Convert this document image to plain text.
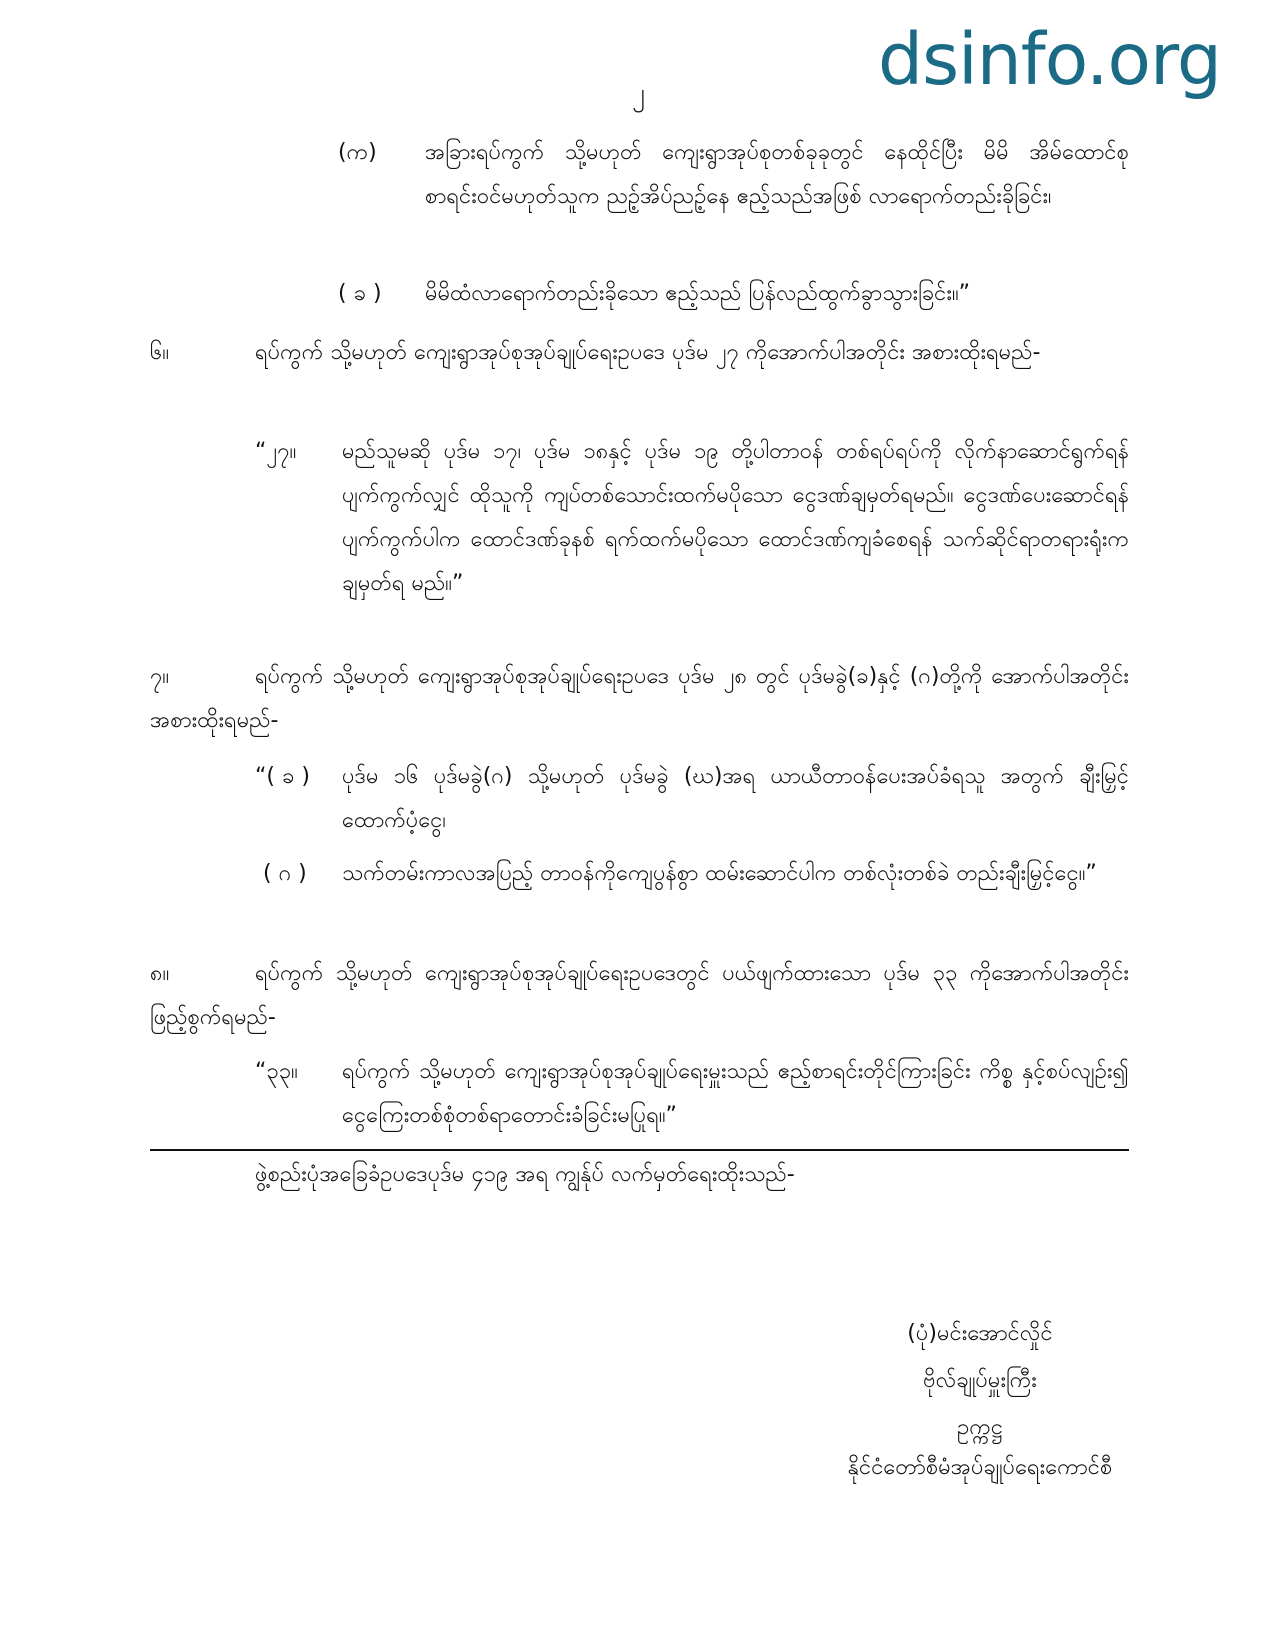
dsinfo.org
၂
(က) အခြားရပ်ကွက် သို့မဟုတ် ကျေးရွာအုပ်စုတစ်ခုခုတွင် နေထိုင်ပြီး မိမိ အိမ်ထောင်စုစာရင်းဝင်မဟုတ်သူက ညဥ့်အိပ်ညဥ့်နေ ဧည့်သည်အဖြစ် လာရောက်တည်းခိုခြင်း၊
( ခ ) မိမိထံလာရောက်တည်းခိုသော ဧည့်သည် ပြန်လည်ထွက်ခွာသွားခြင်း။”
၆။	ရပ်ကွက် သို့မဟုတ် ကျေးရွာအုပ်စုအုပ်ချုပ်ရေးဥပဒေ ပုဒ်မ ၂၇ ကိုအောက်ပါအတိုင်း အစားထိုးရမည်-
“၂၇။ မည်သူမဆို ပုဒ်မ ၁၇၊ ပုဒ်မ ၁၈နှင့် ပုဒ်မ ၁၉ တို့ပါတာဝန် တစ်ရပ်ရပ်ကို လိုက်နာဆောင်ရွက်ရန်ပျက်ကွက်လျှင် ထိုသူကို ကျပ်တစ်သောင်းထက်မပိုသော ငွေဒဏ်ချမှတ်ရမည်။ ငွေဒဏ်ပေးဆောင်ရန် ပျက်ကွက်ပါက ထောင်ဒဏ်ခုနစ် ရက်ထက်မပိုသော ထောင်ဒဏ်ကျခံစေရန် သက်ဆိုင်ရာတရားရုံးက ချမှတ်ရ မည်။”
၇။	ရပ်ကွက် သို့မဟုတ် ကျေးရွာအုပ်စုအုပ်ချုပ်ရေးဥပဒေ ပုဒ်မ ၂၈ တွင် ပုဒ်မခွဲ(ခ)နှင့် (ဂ)တို့ကို အောက်ပါအတိုင်းအစားထိုးရမည်-
“( ခ ) ပုဒ်မ ၁၆ ပုဒ်မခွဲ(ဂ) သို့မဟုတ် ပုဒ်မခွဲ (ဃ)အရ ယာယီတာဝန်ပေးအပ်ခံရသူ အတွက် ချီးမြှင့်ထောက်ပံ့ငွေ၊
( ဂ ) သက်တမ်းကာလအပြည့် တာဝန်ကိုကျေပွန်စွာ ထမ်းဆောင်ပါက တစ်လုံးတစ်ခဲ တည်းချီးမြှင့်ငွေ။”
၈။	ရပ်ကွက် သို့မဟုတ် ကျေးရွာအုပ်စုအုပ်ချုပ်ရေးဥပဒေတွင် ပယ်ဖျက်ထားသော ပုဒ်မ ၃၃ ကိုအောက်ပါအတိုင်း ဖြည့်စွက်ရမည်-
“၃၃။ ရပ်ကွက် သို့မဟုတ် ကျေးရွာအုပ်စုအုပ်ချုပ်ရေးမှူးသည် ဧည့်စာရင်းတိုင်ကြားခြင်း ကိစ္စ နှင့်စပ်လျဉ်း၍ ငွေကြေးတစ်စုံတစ်ရာတောင်းခံခြင်းမပြုရ။”
ဖွဲ့စည်းပုံအခြေခံဥပဒေပုဒ်မ ၄၁၉ အရ ကျွန်ုပ် လက်မှတ်ရေးထိုးသည်-
(ပုံ)မင်းအောင်လှိုင်
ဗိုလ်ချုပ်မှူးကြီး
ဥက္ကဋ္ဌ
နိုင်ငံတော်စီမံအုပ်ချုပ်ရေးကောင်စီ
